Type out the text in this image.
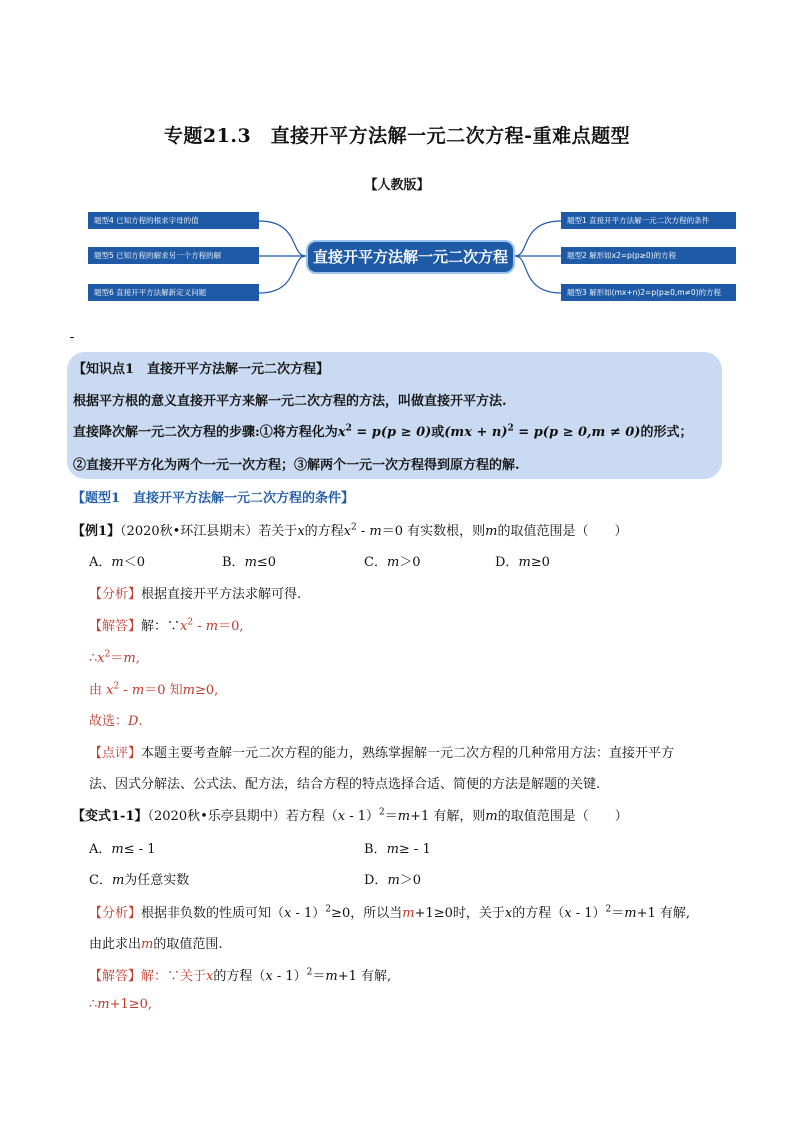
专题21.3　直接开平方法解一元二次方程-重难点题型
【人教版】
题型4 已知方程的根求字母的值
题型5 已知方程的解求另一个方程的解
题型6 直接开平方法解新定义问题
直接开平方法解一元二次方程
题型1 直接开平方法解一元二次方程的条件
题型2 解形如x2=p(p≥0)的方程
题型3 解形如(mx+n)2=p(p≥0,m≠0)的方程
【知识点1　直接开平方法解一元二次方程】
根据平方根的意义直接开平方来解一元二次方程的方法，叫做直接开平方法.
直接降次解一元二次方程的步骤:①将方程化为$x^2 = p(p \ge 0)$或(mx + n)$^2$ = p(p ≥ 0,m ≠ 0)的形式；
②直接开平方化为两个一元一次方程；③解两个一元一次方程得到原方程的解.
【题型1　直接开平方法解一元二次方程的条件】
【例1】（2020秋•环江县期末）若关于x的方程$x^2 - m=0$ 有实数根，则m的取值范围是（　　）
A．m＜0	B．m≤0	C．m＞0	D．m≥0
【分析】根据直接开平方法求解可得.
【解答】解：$\because x^2 - m=0$,
$\therefore x^2=m$,
由 $x^2 - m=0$ 知m≥0,
故选：D.
【点评】本题主要考查解一元二次方程的能力，熟练掌握解一元二次方程的几种常用方法：直接开平方
法、因式分解法、公式法、配方法，结合方程的特点选择合适、简便的方法是解题的关键.
【变式1-1】（2020秋•乐亭县期中）若方程（x - 1）$^2$＝m+1 有解，则m的取值范围是（　　）
A．m≤ - 1	B．m≥ - 1
C．m为任意实数	D．m＞0
【分析】根据非负数的性质可知（x - 1）$^2$≥0，所以当m+1≥0时，关于x的方程（x - 1）$^2$＝m+1 有解,
由此求出m的取值范围.
【解答】解：∵关于x的方程（x - 1）$^2$＝m+1 有解,
∴m+1≥0,
